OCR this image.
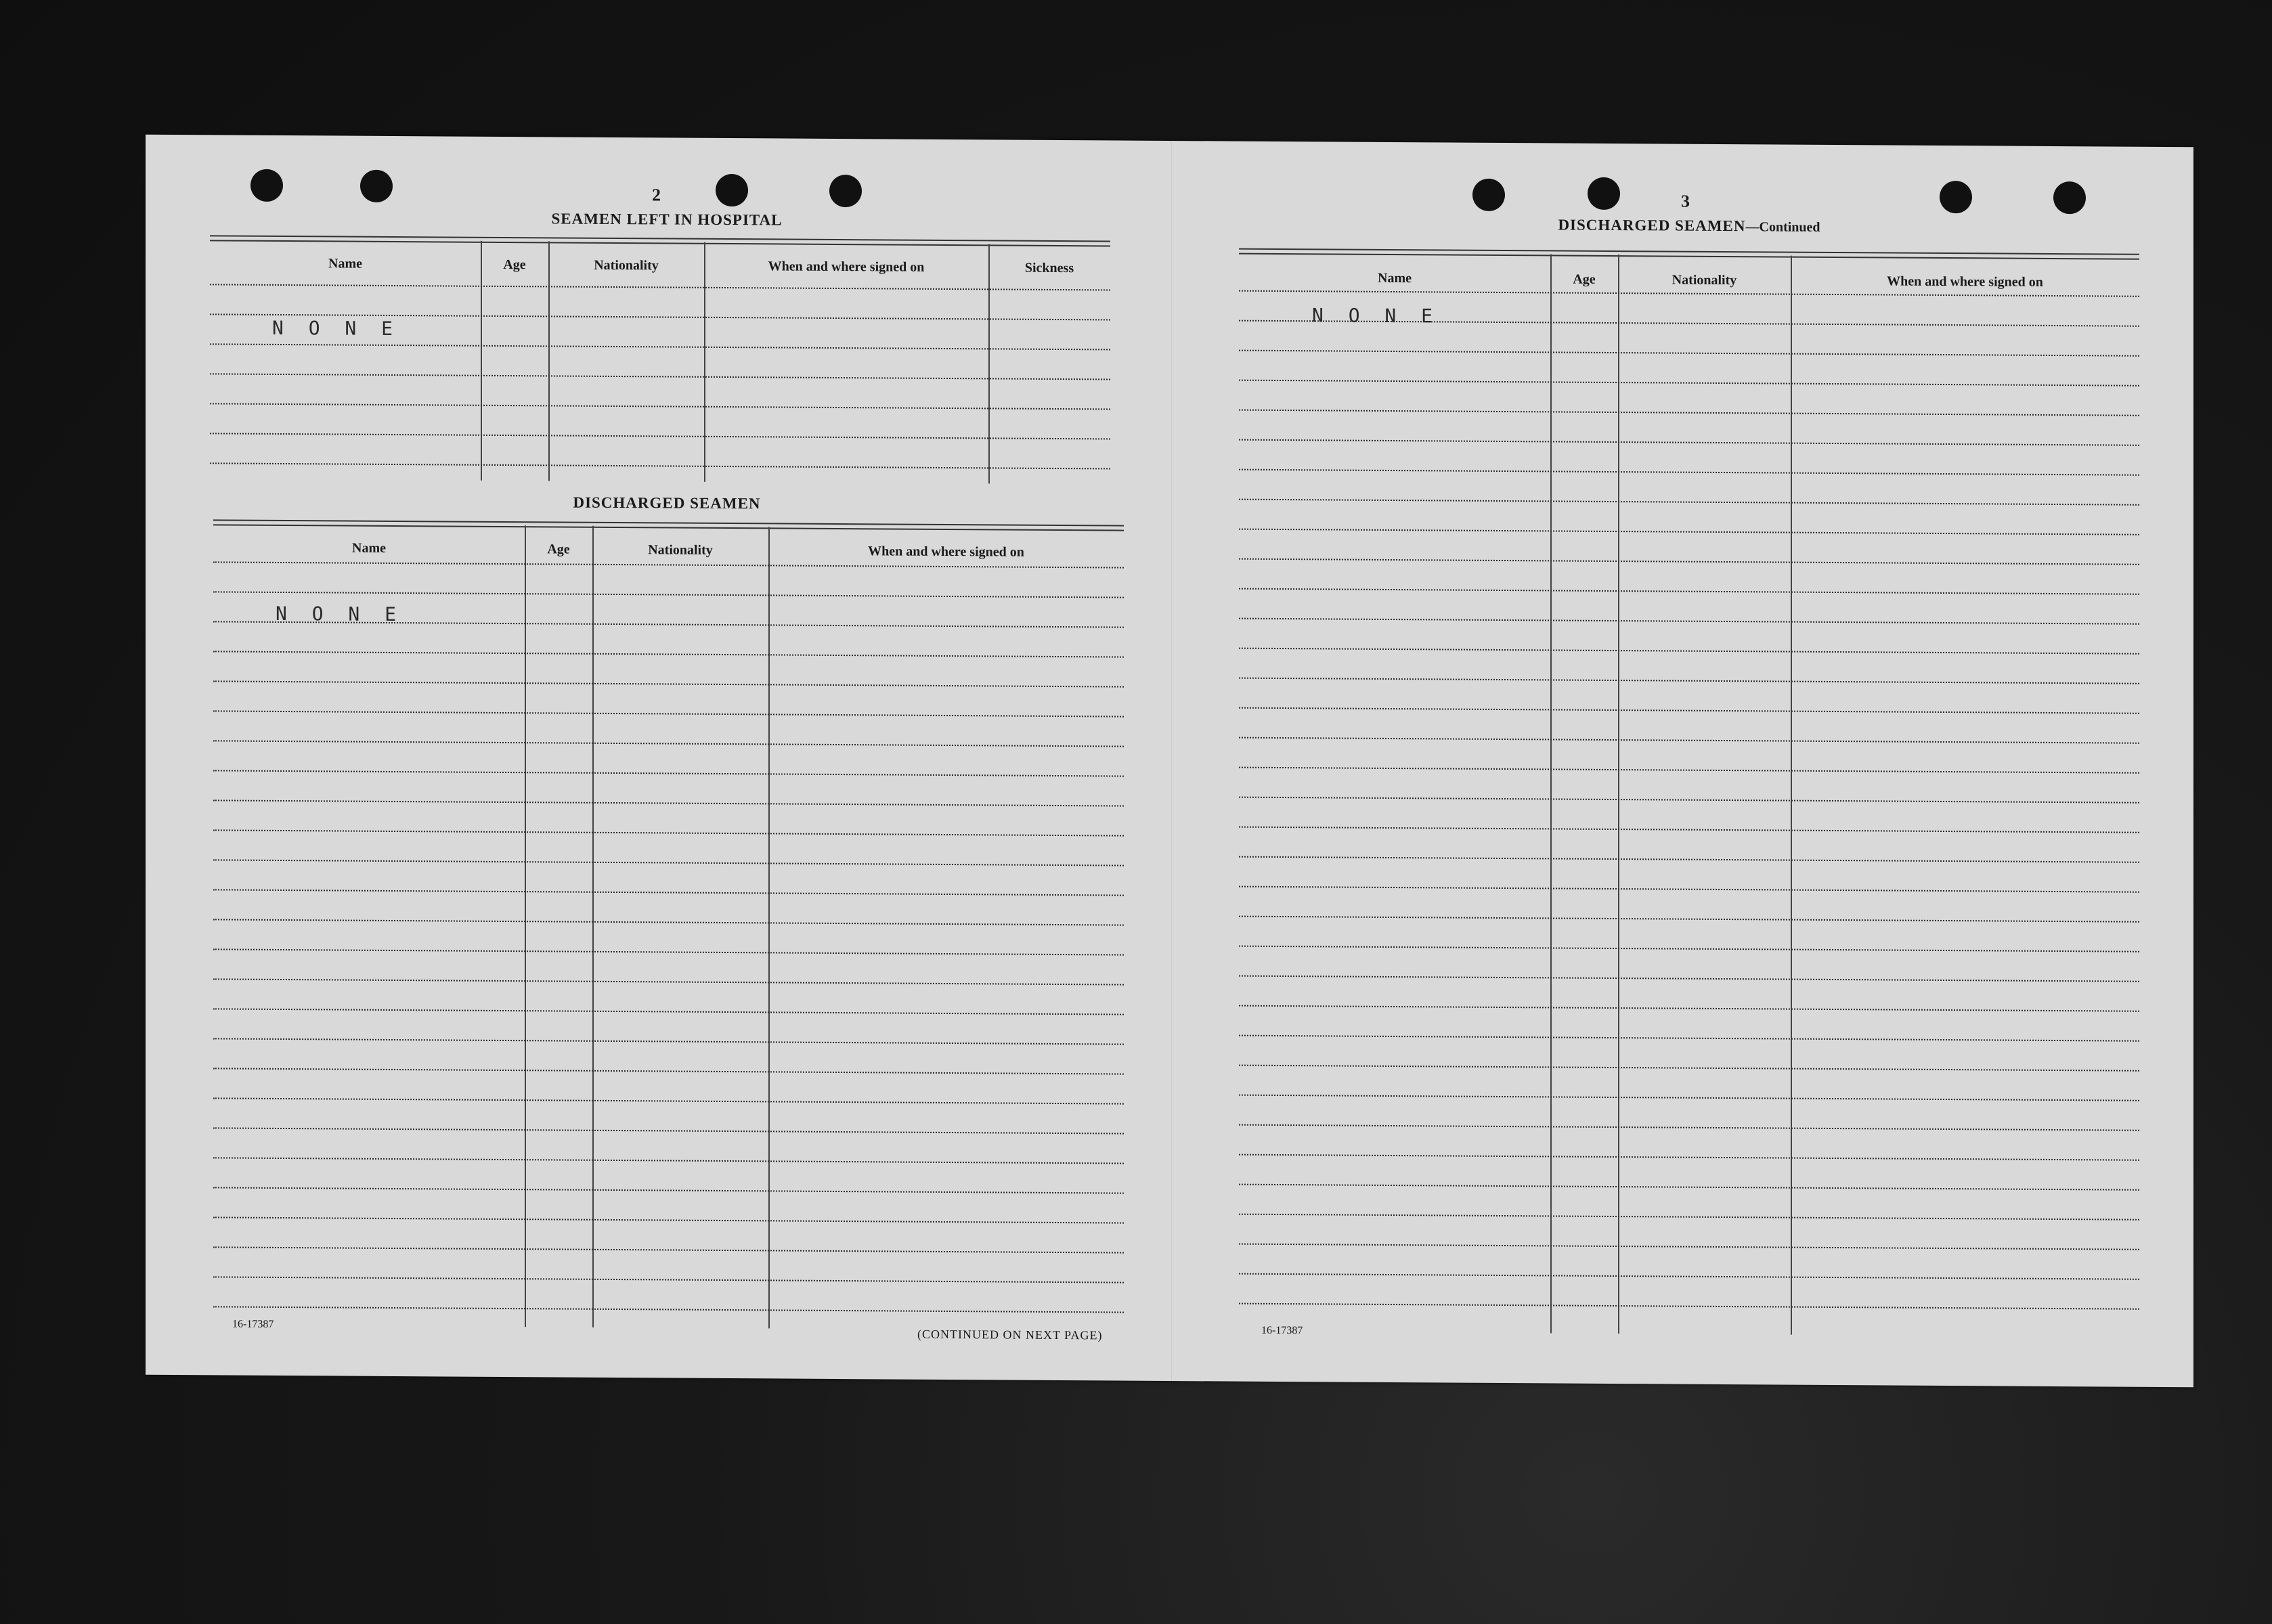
2
SEAMEN LEFT IN HOSPITAL
Name	Age	Nationality	When and where signed on	Sickness
N O N E
DISCHARGED SEAMEN
Name	Age	Nationality	When and where signed on
N O N E
16-17387
(CONTINUED ON NEXT PAGE)
3
DISCHARGED SEAMEN—Continued
Name	Age	Nationality	When and where signed on
N O N E
16-17387
